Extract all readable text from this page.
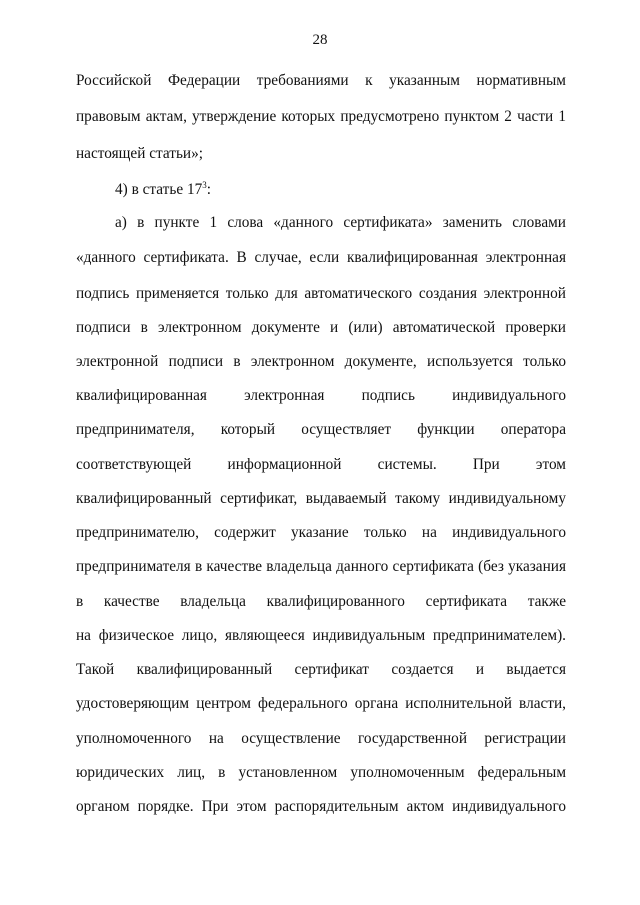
28
Российской Федерации требованиями к указанным нормативным
правовым актам, утверждение которых предусмотрено пунктом 2 части 1
настоящей статьи»;
4) в статье $17^3$:
а) в пункте 1 слова «данного сертификата» заменить словами
«данного сертификата. В случае, если квалифицированная электронная
подпись применяется только для автоматического создания электронной
подписи в электронном документе и (или) автоматической проверки
электронной подписи в электронном документе, используется только
квалифицированная электронная подпись индивидуального
предпринимателя, который осуществляет функции оператора
соответствующей информационной системы. При этом
квалифицированный сертификат, выдаваемый такому индивидуальному
предпринимателю, содержит указание только на индивидуального
предпринимателя в качестве владельца данного сертификата (без указания
в качестве владельца квалифицированного сертификата также
на физическое лицо, являющееся индивидуальным предпринимателем).
Такой квалифицированный сертификат создается и выдается
удостоверяющим центром федерального органа исполнительной власти,
уполномоченного на осуществление государственной регистрации
юридических лиц, в установленном уполномоченным федеральным
органом порядке. При этом распорядительным актом индивидуального
